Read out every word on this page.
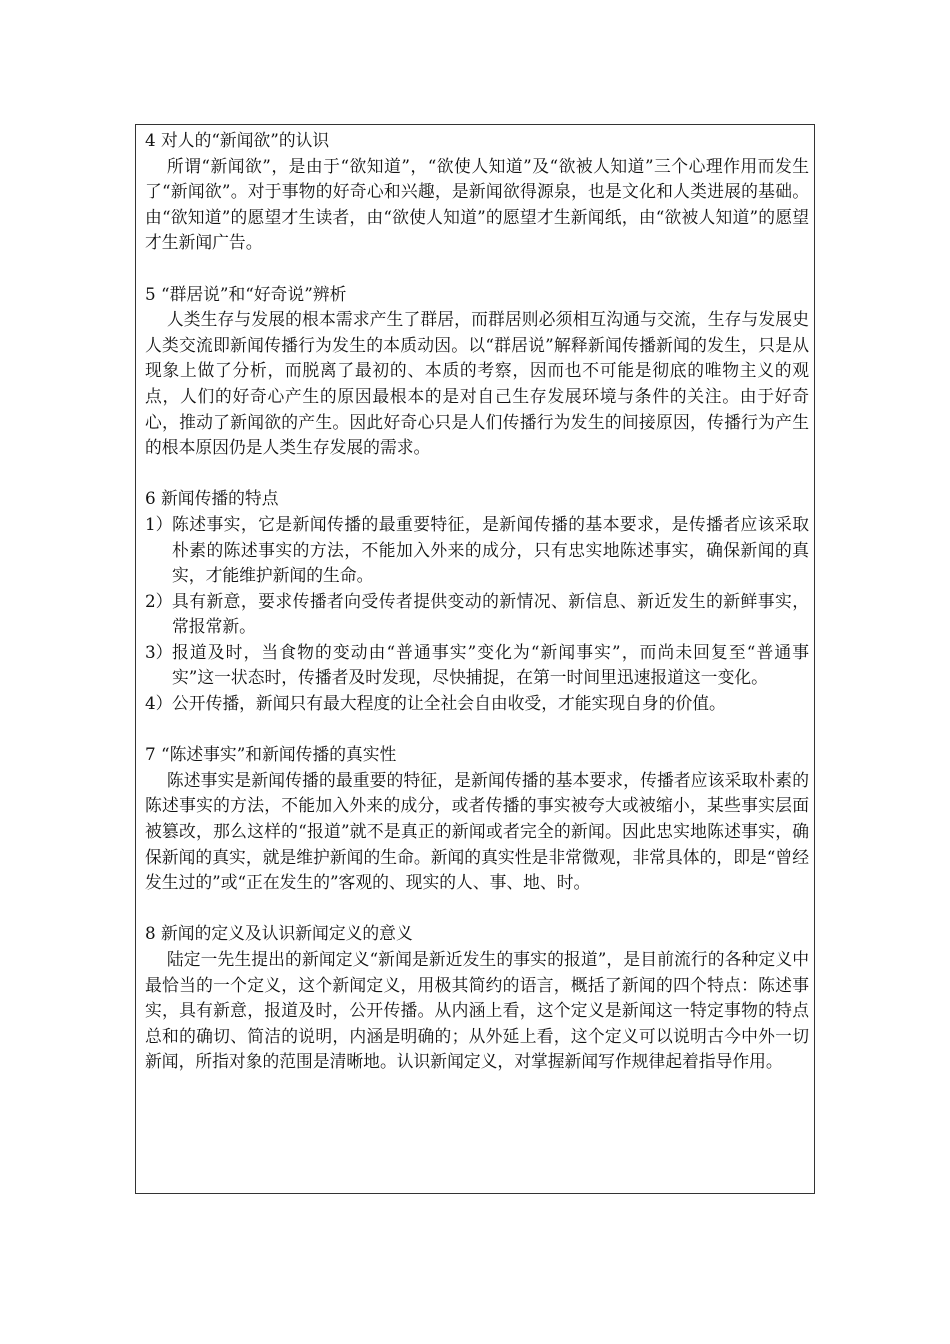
4 对人的“新闻欲”的认识

所谓“新闻欲”，是由于“欲知道”，“欲使人知道”及“欲被人知道”三个心理作用而发生了“新闻欲”。对于事物的好奇心和兴趣，是新闻欲得源泉，也是文化和人类进展的基础。由“欲知道”的愿望才生读者，由“欲使人知道”的愿望才生新闻纸，由“欲被人知道”的愿望才生新闻广告。

5 “群居说”和“好奇说”辨析

人类生存与发展的根本需求产生了群居，而群居则必须相互沟通与交流，生存与发展史人类交流即新闻传播行为发生的本质动因。以“群居说”解释新闻传播新闻的发生，只是从现象上做了分析，而脱离了最初的、本质的考察，因而也不可能是彻底的唯物主义的观点，人们的好奇心产生的原因最根本的是对自己生存发展环境与条件的关注。由于好奇心，推动了新闻欲的产生。因此好奇心只是人们传播行为发生的间接原因，传播行为产生的根本原因仍是人类生存发展的需求。

6 新闻传播的特点

1） 陈述事实，它是新闻传播的最重要特征，是新闻传播的基本要求，是传播者应该采取朴素的陈述事实的方法，不能加入外来的成分，只有忠实地陈述事实，确保新闻的真实，才能维护新闻的生命。
2） 具有新意，要求传播者向受传者提供变动的新情况、新信息、新近发生的新鲜事实，常报常新。
3） 报道及时，当食物的变动由“普通事实”变化为“新闻事实”，而尚未回复至“普通事实”这一状态时，传播者及时发现，尽快捕捉，在第一时间里迅速报道这一变化。
4） 公开传播，新闻只有最大程度的让全社会自由收受，才能实现自身的价值。

7 “陈述事实”和新闻传播的真实性

陈述事实是新闻传播的最重要的特征，是新闻传播的基本要求，传播者应该采取朴素的陈述事实的方法，不能加入外来的成分，或者传播的事实被夸大或被缩小，某些事实层面被篡改，那么这样的“报道”就不是真正的新闻或者完全的新闻。因此忠实地陈述事实，确保新闻的真实，就是维护新闻的生命。新闻的真实性是非常微观，非常具体的，即是“曾经发生过的”或“正在发生的”客观的、现实的人、事、地、时。

8 新闻的定义及认识新闻定义的意义

陆定一先生提出的新闻定义“新闻是新近发生的事实的报道”，是目前流行的各种定义中最恰当的一个定义，这个新闻定义，用极其简约的语言，概括了新闻的四个特点：陈述事实，具有新意，报道及时，公开传播。从内涵上看，这个定义是新闻这一特定事物的特点总和的确切、简洁的说明，内涵是明确的；从外延上看，这个定义可以说明古今中外一切新闻，所指对象的范围是清晰地。认识新闻定义，对掌握新闻写作规律起着指导作用。
